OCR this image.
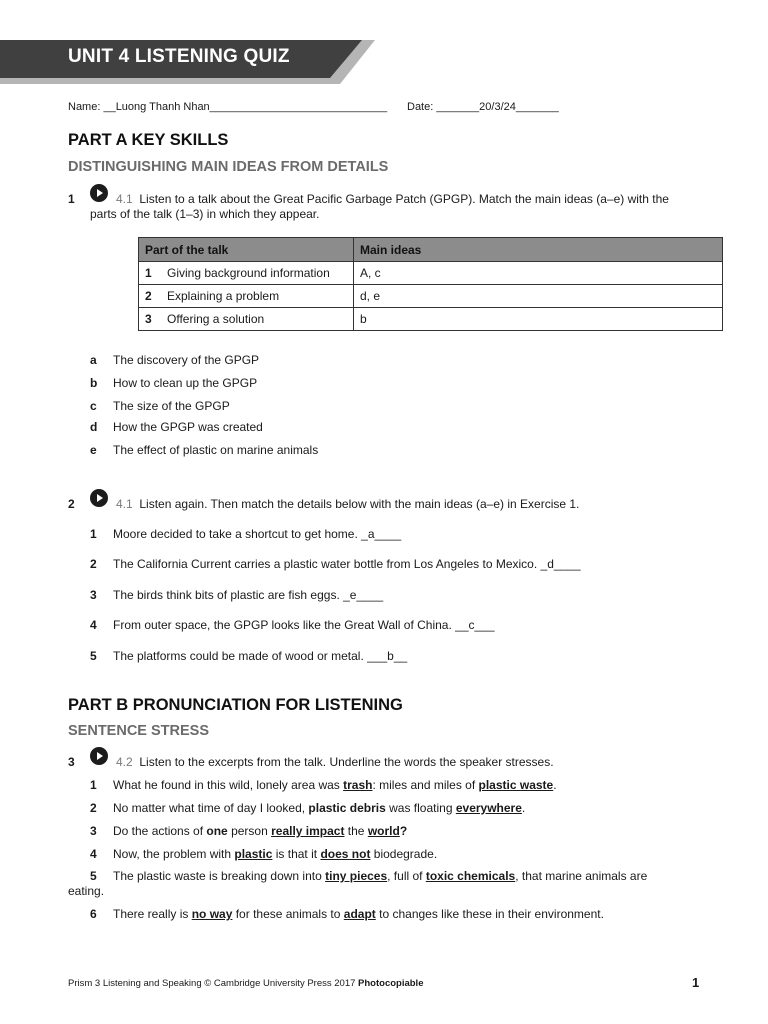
UNIT 4 LISTENING QUIZ
Name: __Luong Thanh Nhan_____________________________ Date: _______20/3/24_______
PART A KEY SKILLS
DISTINGUISHING MAIN IDEAS FROM DETAILS
1	4.1 Listen to a talk about the Great Pacific Garbage Patch (GPGP). Match the main ideas (a–e) with the
parts of the talk (1–3) in which they appear.
Part of the talk	Main ideas
1 Giving background information	A, c
2 Explaining a problem	d, e
3 Offering a solution	b
a The discovery of the GPGP
b How to clean up the GPGP
c The size of the GPGP
d How the GPGP was created
e The effect of plastic on marine animals
2	4.1 Listen again. Then match the details below with the main ideas (a–e) in Exercise 1.
1 Moore decided to take a shortcut to get home. _a____
2 The California Current carries a plastic water bottle from Los Angeles to Mexico. _d____
3 The birds think bits of plastic are fish eggs. _e____
4 From outer space, the GPGP looks like the Great Wall of China. __c___
5 The platforms could be made of wood or metal. ___b__
PART B PRONUNCIATION FOR LISTENING
SENTENCE STRESS
3	4.2 Listen to the excerpts from the talk. Underline the words the speaker stresses.
1 What he found in this wild, lonely area was trash: miles and miles of plastic waste.
2 No matter what time of day I looked, plastic debris was floating everywhere.
3 Do the actions of one person really impact the world?
4 Now, the problem with plastic is that it does not biodegrade.
5 The plastic waste is breaking down into tiny pieces, full of toxic chemicals, that marine animals are
eating.
6 There really is no way for these animals to adapt to changes like these in their environment.
Prism 3 Listening and Speaking © Cambridge University Press 2017 Photocopiable	1
